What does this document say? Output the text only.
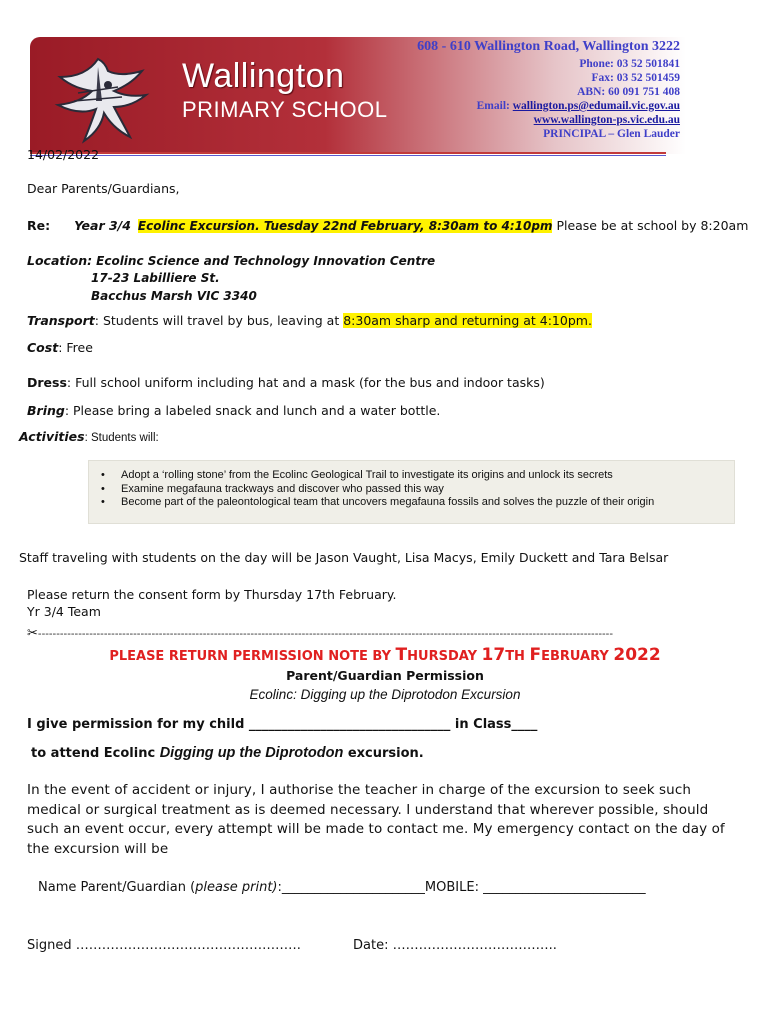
Wallington
PRIMARY SCHOOL
608 - 610 Wallington Road, Wallington 3222
Phone: 03 52 501841
Fax: 03 52 501459
ABN: 60 091 751 408
Email: wallington.ps@edumail.vic.gov.au
www.wallington-ps.vic.edu.au
PRINCIPAL – Glen Lauder
14/02/2022
Dear Parents/Guardians,
Re: Year 3/4 Ecolinc Excursion. Tuesday 22nd February, 8:30am to 4:10pm Please be at school by 8:20am
Location: Ecolinc Science and Technology Innovation Centre
17-23 Labilliere St.
Bacchus Marsh VIC 3340
Transport: Students will travel by bus, leaving at 8:30am sharp and returning at 4:10pm.
Cost: Free
Dress: Full school uniform including hat and a mask (for the bus and indoor tasks)
Bring: Please bring a labeled snack and lunch and a water bottle.
Activities: Students will:
• Adopt a ‘rolling stone’ from the Ecolinc Geological Trail to investigate its origins and unlock its secrets
• Examine megafauna trackways and discover who passed this way
• Become part of the paleontological team that uncovers megafauna fossils and solves the puzzle of their origin
Staff traveling with students on the day will be Jason Vaught, Lisa Macys, Emily Duckett and Tara Belsar
Please return the consent form by Thursday 17th February.
Yr 3/4 Team
✂-------------------------------------------------------------------------------------------------------------------------------------------------------------
PLEASE RETURN PERMISSION NOTE BY THURSDAY 17TH FEBRUARY 2022
Parent/Guardian Permission
Ecolinc: Digging up the Diprotodon Excursion
I give permission for my child _______________________________ in Class____
to attend Ecolinc Digging up the Diprotodon excursion.
In the event of accident or injury, I authorise the teacher in charge of the excursion to seek such medical or surgical treatment as is deemed necessary. I understand that wherever possible, should such an event occur, every attempt will be made to contact me. My emergency contact on the day of the excursion will be
Name Parent/Guardian (please print):______________________MOBILE: _________________________
Signed …………………………………………….	Date: ………………………………..
